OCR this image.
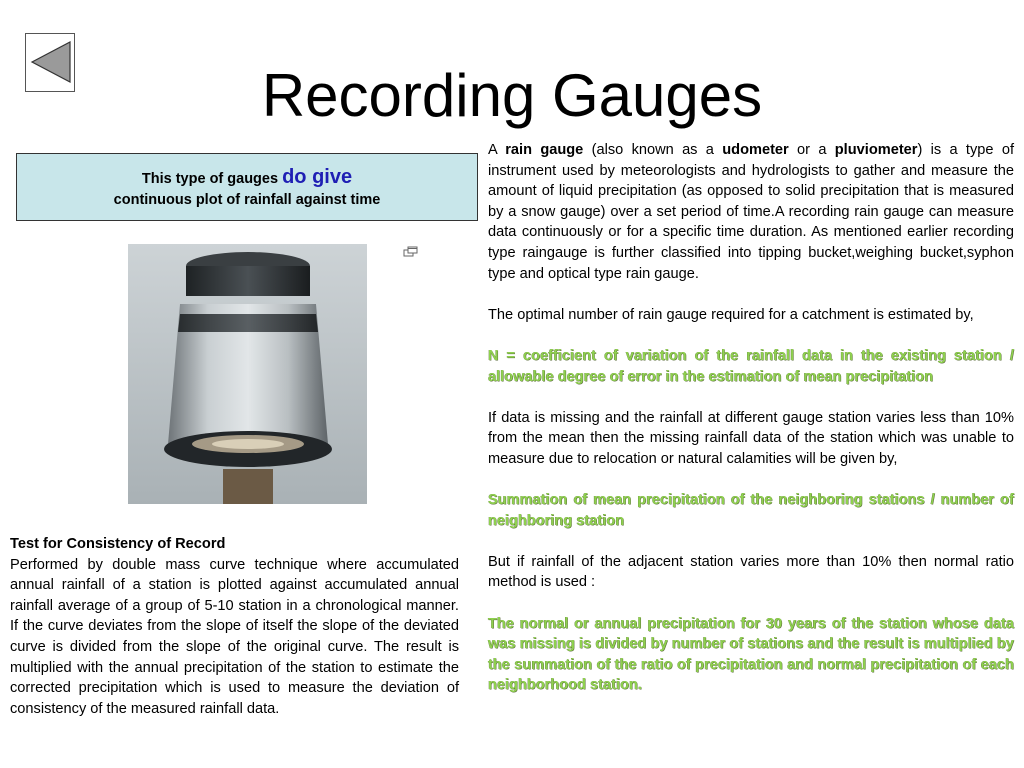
Recording Gauges
This type of gauges do give
continuous plot of rainfall against time
Test for Consistency of Record
Performed by double mass curve technique where accumulated annual rainfall of a station is plotted against accumulated annual rainfall average of a group of 5-10 station in a chronological manner. If the curve deviates from the slope of itself the slope of the deviated curve is divided from the slope of the original curve. The result is multiplied with the annual precipitation of the station to estimate the corrected precipitation which is used to measure the deviation of consistency of the measured rainfall data.

A rain gauge (also known as a udometer or a pluviometer) is a type of instrument used by meteorologists and hydrologists to gather and measure the amount of liquid precipitation (as opposed to solid precipitation that is measured by a snow gauge) over a set period of time.A recording rain gauge can measure data continuously or for a specific time duration. As mentioned earlier recording type raingauge is further classified into tipping bucket,weighing bucket,syphon type and optical type rain gauge.

The optimal number of rain gauge required for a catchment is estimated by,

N = coefficient of variation of the rainfall data in the existing station / allowable degree of error in the estimation of mean precipitation

If data is missing and the rainfall at different gauge station varies less than 10% from the mean then the missing rainfall data of the station which was unable to measure due to relocation or natural calamities will be given by,

Summation of mean precipitation of the neighboring stations / number of neighboring station

But if rainfall of the adjacent station varies more than 10% then normal ratio method is used :

The normal or annual precipitation for 30 years of the station whose data was missing is divided by number of stations and the result is multiplied by the summation of the ratio of precipitation and normal precipitation of each neighborhood station.
